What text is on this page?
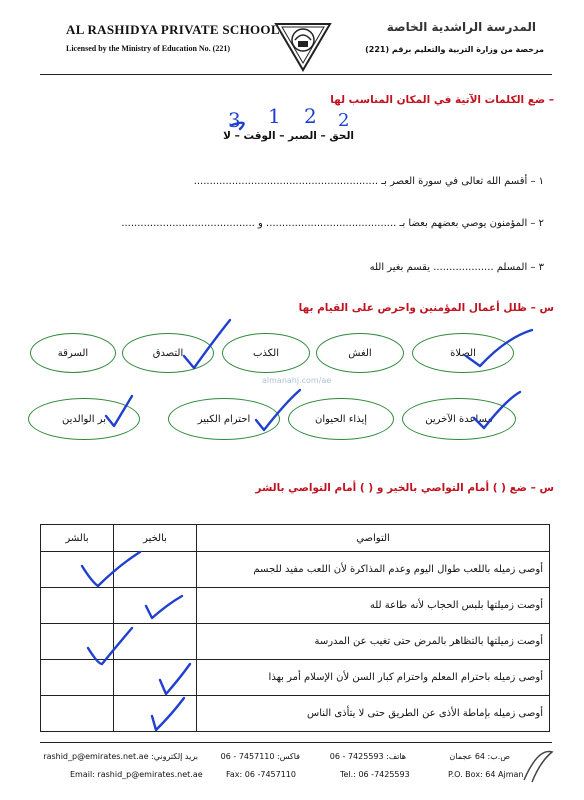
AL RASHIDYA PRIVATE SCHOOL
Licensed by the Ministry of Education No. (221)
المدرسة الراشدية الخاصة
مرخصة من وزارة التربية والتعليم برقم (221)
– ضع الكلمات الآتية في المكان المناسب لها
الحق – الصبر – الوقت – لا
١ – أقسم الله تعالى في سورة العصر بـ ..........................................................
٢ – المؤمنون يوصي بعضهم بعضا بـ ......................................... و ..........................................
٣ – المسلم ................... يقسم بغير الله
3 1 2 2
س – ظلل أعمال المؤمنين واحرص على القيام بها
الصلاة
الغش
الكذب
التصدق
السرقة
مساعدة الآخرين
إيذاء الحيوان
احترام الكبير
بر الوالدين
almanahj.com/ae
س – ضع ( ) أمام التواصي بالخير و ( ) أمام التواصي بالشر
التواصي	بالخير	بالشر
أوصى زميله باللعب طوال اليوم وعدم المذاكرة لأن اللعب مفيد للجسم		
أوصت زميلتها بلبس الحجاب لأنه طاعة لله		
أوصت زميلتها بالتظاهر بالمرض حتى تغيب عن المدرسة		
أوصى زميله باحترام المعلم واحترام كبار السن لأن الإسلام أمر بهذا		
أوصى زميله بإماطة الأذى عن الطريق حتى لا يتأذى الناس		
ص.ب: 64 عجمان
هاتف: 7425593 - 06
فاكس: 7457110 - 06
بريد إلكتروني: rashid_p@emirates.net.ae
P.O. Box: 64 Ajman
Tel.: 06 -7425593
Fax: 06 -7457110
Email: rashid_p@emirates.net.ae
